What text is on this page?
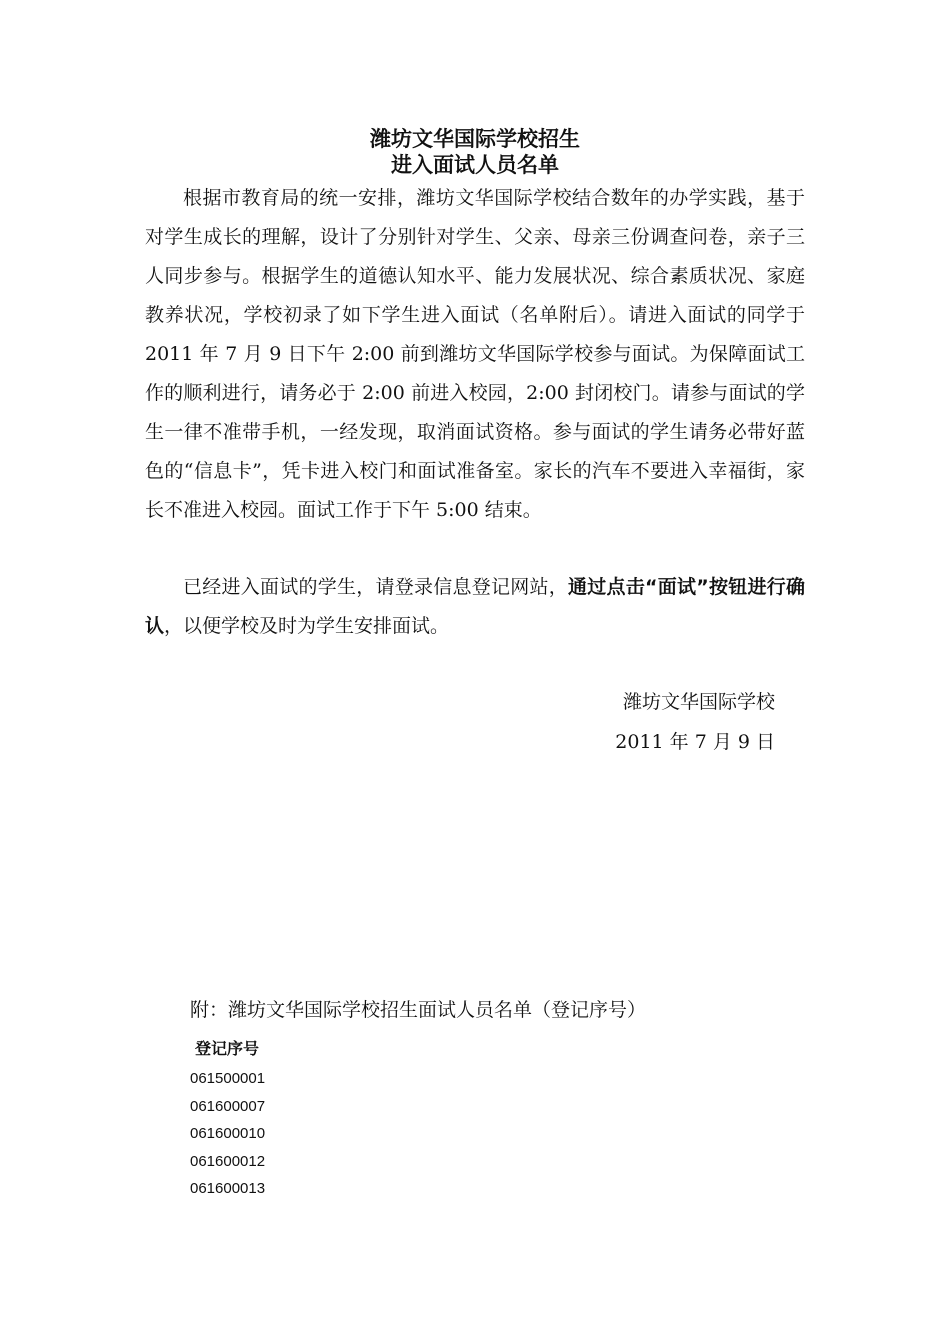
潍坊文华国际学校招生
进入面试人员名单
根据市教育局的统一安排，潍坊文华国际学校结合数年的办学实践，基于对学生成长的理解，设计了分别针对学生、父亲、母亲三份调查问卷，亲子三人同步参与。根据学生的道德认知水平、能力发展状况、综合素质状况、家庭教养状况，学校初录了如下学生进入面试（名单附后）。请进入面试的同学于 2011 年 7 月 9 日下午 2:00 前到潍坊文华国际学校参与面试。为保障面试工作的顺利进行，请务必于 2:00 前进入校园，2:00 封闭校门。请参与面试的学生一律不准带手机，一经发现，取消面试资格。参与面试的学生请务必带好蓝色的“信息卡”，凭卡进入校门和面试准备室。家长的汽车不要进入幸福街，家长不准进入校园。面试工作于下午 5:00 结束。
已经进入面试的学生，请登录信息登记网站，通过点击“面试”按钮进行确认，以便学校及时为学生安排面试。
潍坊文华国际学校
2011 年 7 月 9 日
附：潍坊文华国际学校招生面试人员名单（登记序号）
登记序号
061500001
061600007
061600010
061600012
061600013
